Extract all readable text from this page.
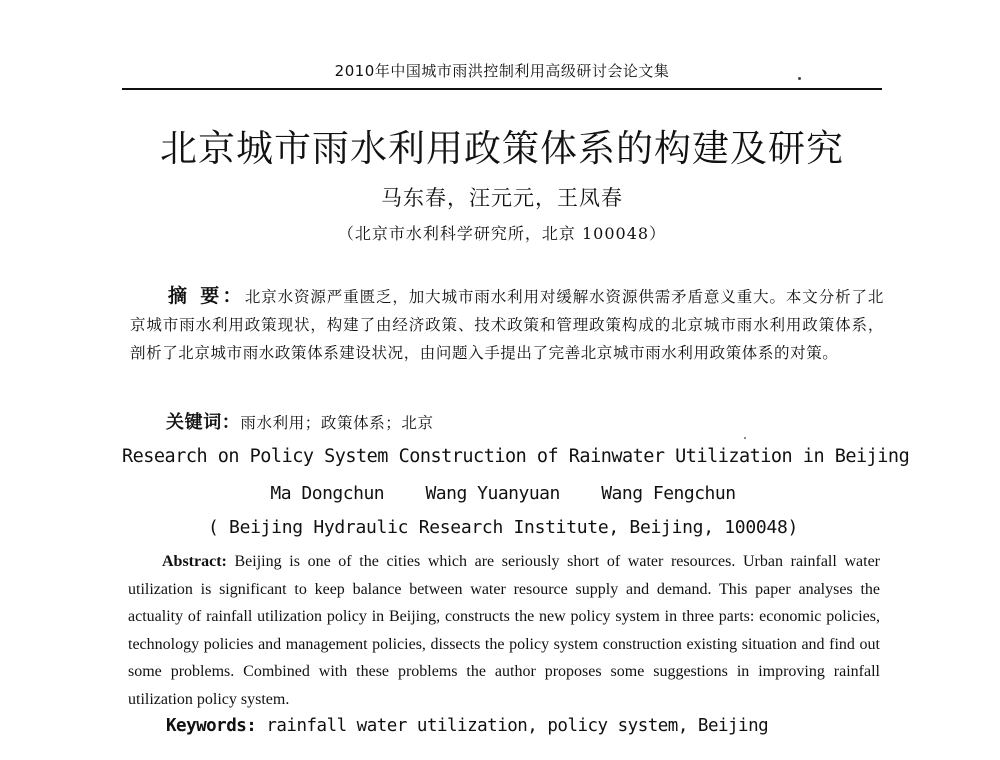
2010年中国城市雨洪控制利用高级研讨会论文集
北京城市雨水利用政策体系的构建及研究
马东春，汪元元，王凤春
（北京市水利科学研究所，北京 100048）
摘 要：北京水资源严重匮乏，加大城市雨水利用对缓解水资源供需矛盾意义重大。本文分析了北京城市雨水利用政策现状，构建了由经济政策、技术政策和管理政策构成的北京城市雨水利用政策体系，剖析了北京城市雨水政策体系建设状况，由问题入手提出了完善北京城市雨水利用政策体系的对策。
关键词：雨水利用；政策体系；北京
Research on Policy System Construction of Rainwater Utilization in Beijing
Ma Dongchun    Wang Yuanyuan    Wang Fengchun
( Beijing Hydraulic Research Institute, Beijing, 100048)
Abstract: Beijing is one of the cities which are seriously short of water resources. Urban rainfall water utilization is significant to keep balance between water resource supply and demand. This paper analyses the actuality of rainfall utilization policy in Beijing, constructs the new policy system in three parts: economic policies, technology policies and management policies, dissects the policy system construction existing situation and find out some problems. Combined with these problems the author proposes some suggestions in improving rainfall utilization policy system.
Keywords: rainfall water utilization, policy system, Beijing
